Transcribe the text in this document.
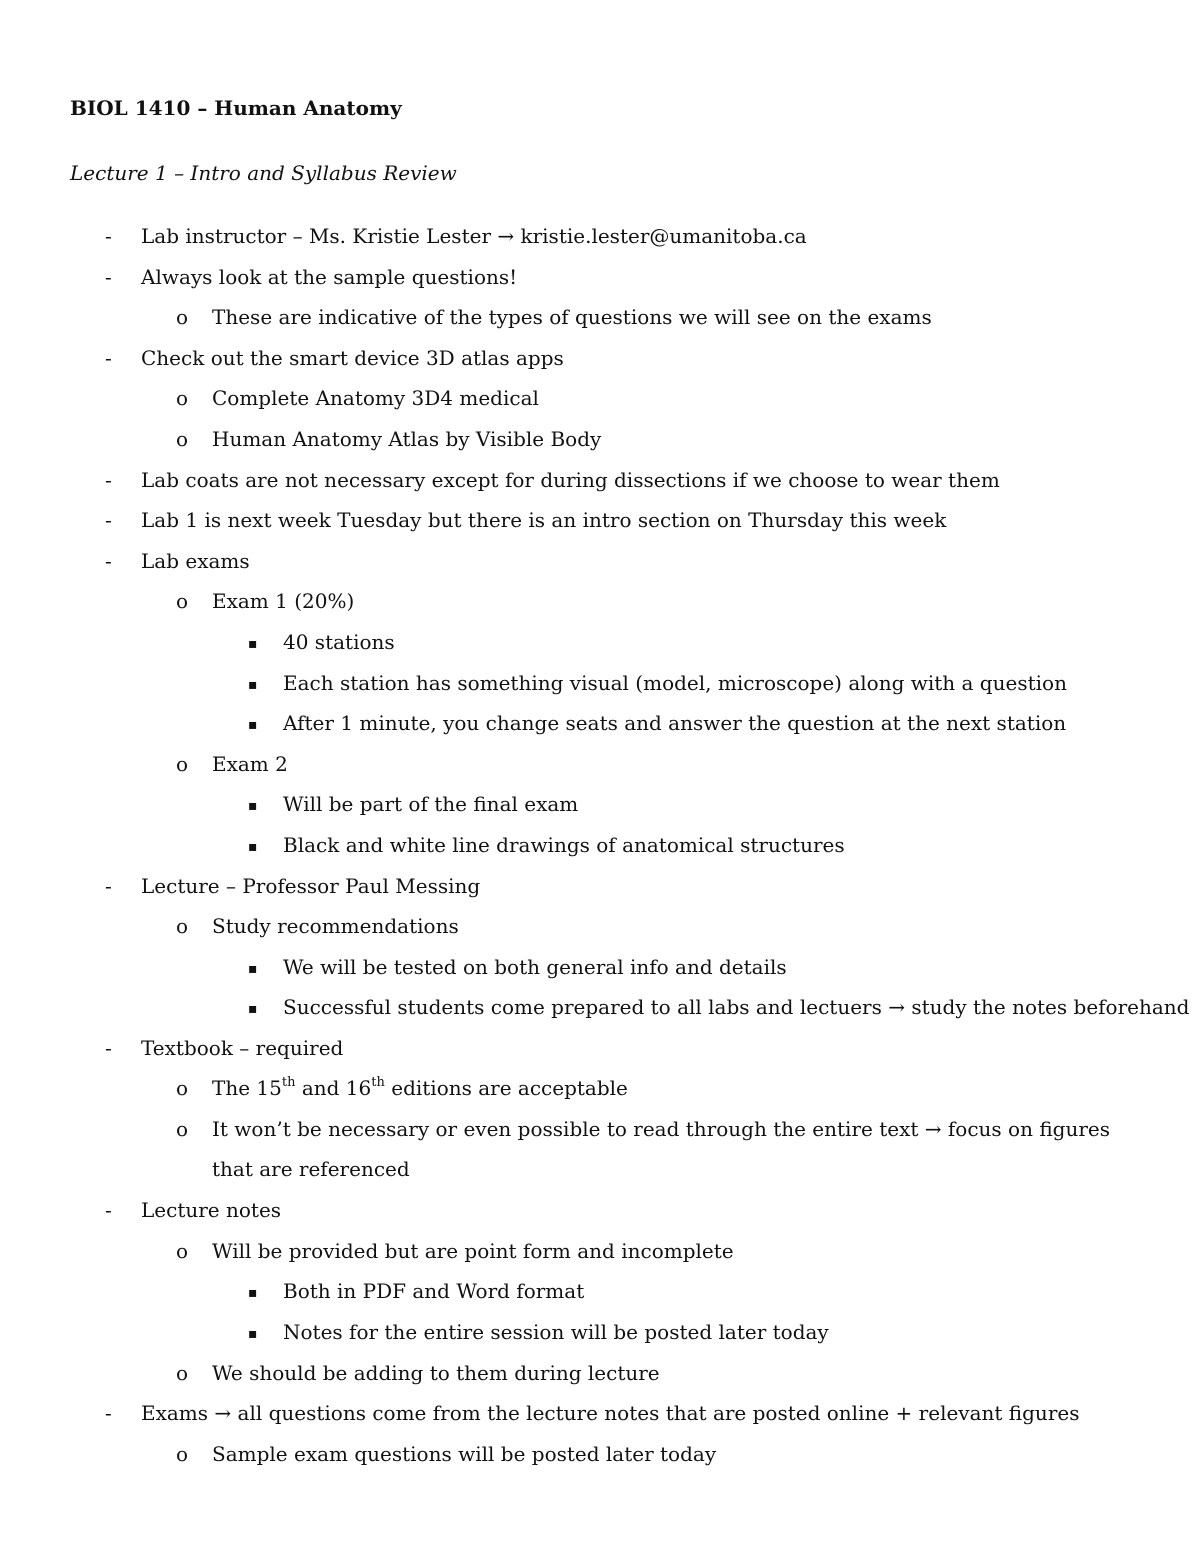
BIOL 1410 – Human Anatomy
Lecture 1 – Intro and Syllabus Review
- Lab instructor – Ms. Kristie Lester → kristie.lester@umanitoba.ca
- Always look at the sample questions!
o These are indicative of the types of questions we will see on the exams
- Check out the smart device 3D atlas apps
o Complete Anatomy 3D4 medical
o Human Anatomy Atlas by Visible Body
- Lab coats are not necessary except for during dissections if we choose to wear them
- Lab 1 is next week Tuesday but there is an intro section on Thursday this week
- Lab exams
o Exam 1 (20%)
▪ 40 stations
▪ Each station has something visual (model, microscope) along with a question
▪ After 1 minute, you change seats and answer the question at the next station
o Exam 2
▪ Will be part of the final exam
▪ Black and white line drawings of anatomical structures
- Lecture – Professor Paul Messing
o Study recommendations
▪ We will be tested on both general info and details
▪ Successful students come prepared to all labs and lectuers → study the notes beforehand
- Textbook – required
o The 15th and 16th editions are acceptable
o It won’t be necessary or even possible to read through the entire text → focus on figures that are referenced
- Lecture notes
o Will be provided but are point form and incomplete
▪ Both in PDF and Word format
▪ Notes for the entire session will be posted later today
o We should be adding to them during lecture
- Exams → all questions come from the lecture notes that are posted online + relevant figures
o Sample exam questions will be posted later today
